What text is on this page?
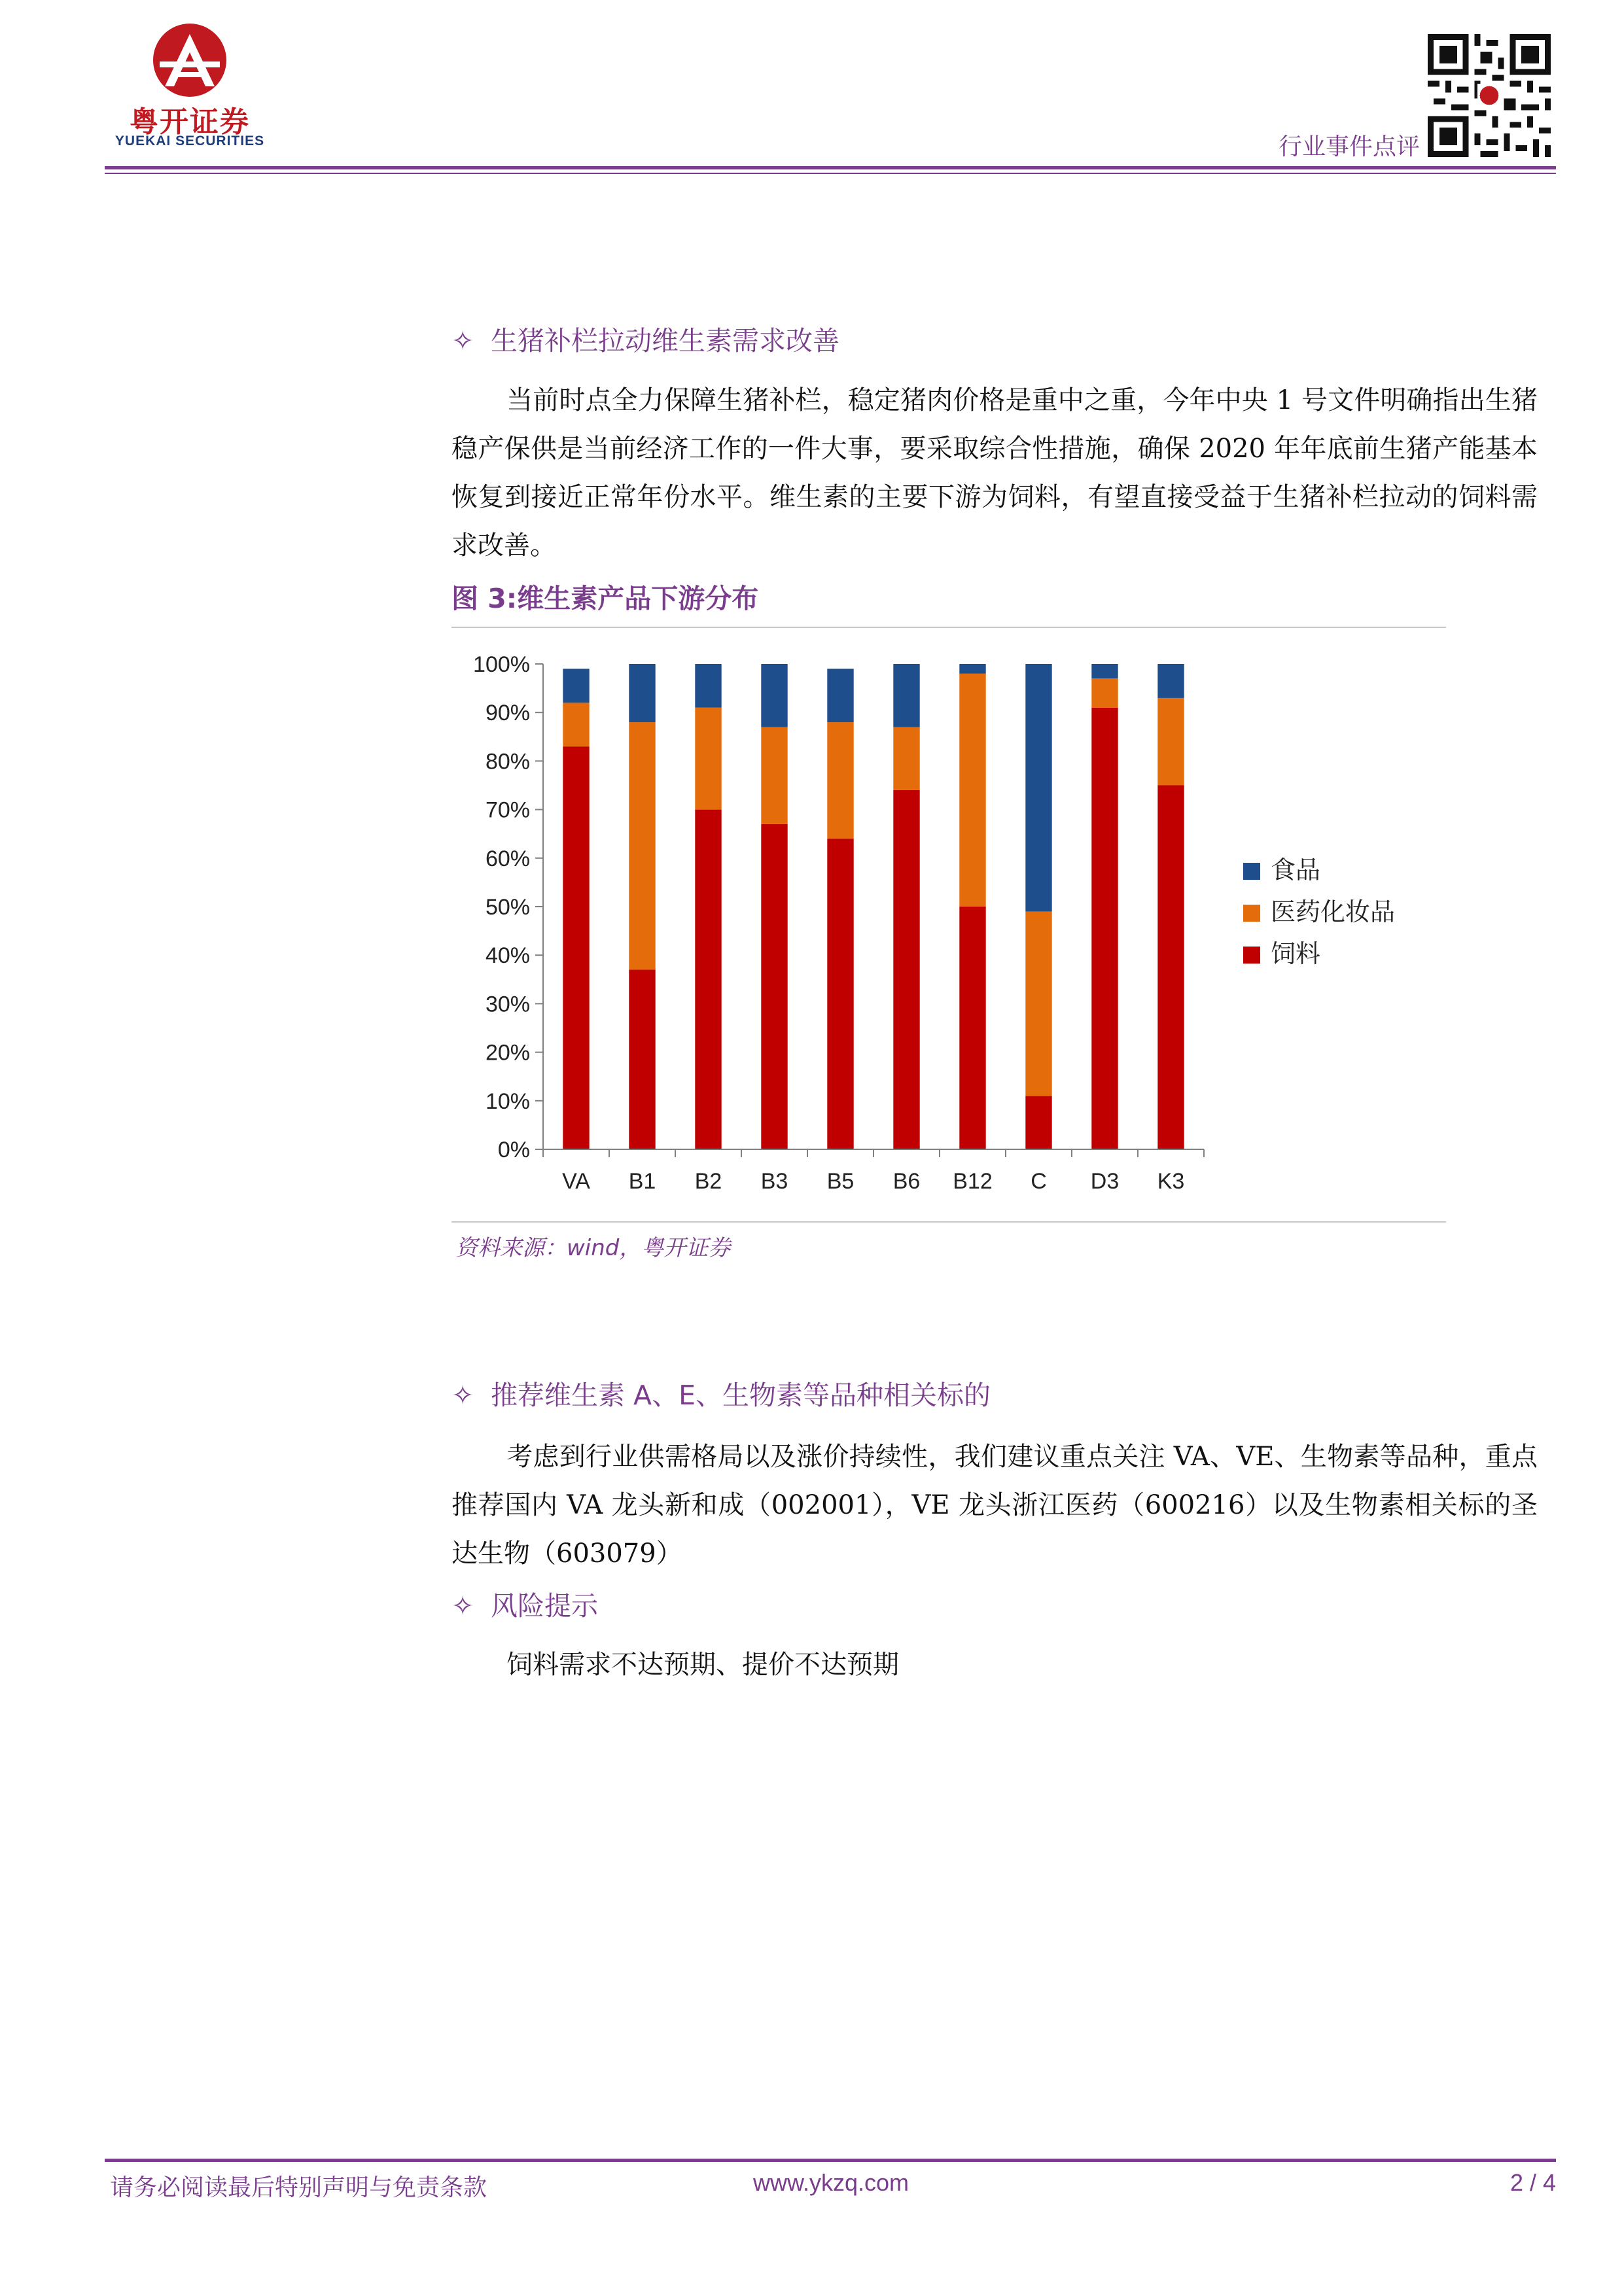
粤开证券
YUEKAI SECURITIES	行业事件点评
✧ 生猪补栏拉动维生素需求改善
当前时点全力保障生猪补栏，稳定猪肉价格是重中之重，今年中央 1 号文件明确指出生猪稳产保供是当前经济工作的一件大事，要采取综合性措施，确保 2020 年年底前生猪产能基本恢复到接近正常年份水平。维生素的主要下游为饲料，有望直接受益于生猪补栏拉动的饲料需求改善。
图 3:维生素产品下游分布
100%
90%
80%
70%
60%
50%
40%
30%
20%
10%
0%
VA B1 B2 B3 B5 B6 B12 C D3 K3
食品
医药化妆品
饲料
资料来源：wind，粤开证券
✧ 推荐维生素 A、E、生物素等品种相关标的
考虑到行业供需格局以及涨价持续性，我们建议重点关注 VA、VE、生物素等品种，重点推荐国内 VA 龙头新和成（002001），VE 龙头浙江医药（600216）以及生物素相关标的圣达生物（603079）
✧ 风险提示
饲料需求不达预期、提价不达预期
请务必阅读最后特别声明与免责条款	www.ykzq.com	2 / 4
